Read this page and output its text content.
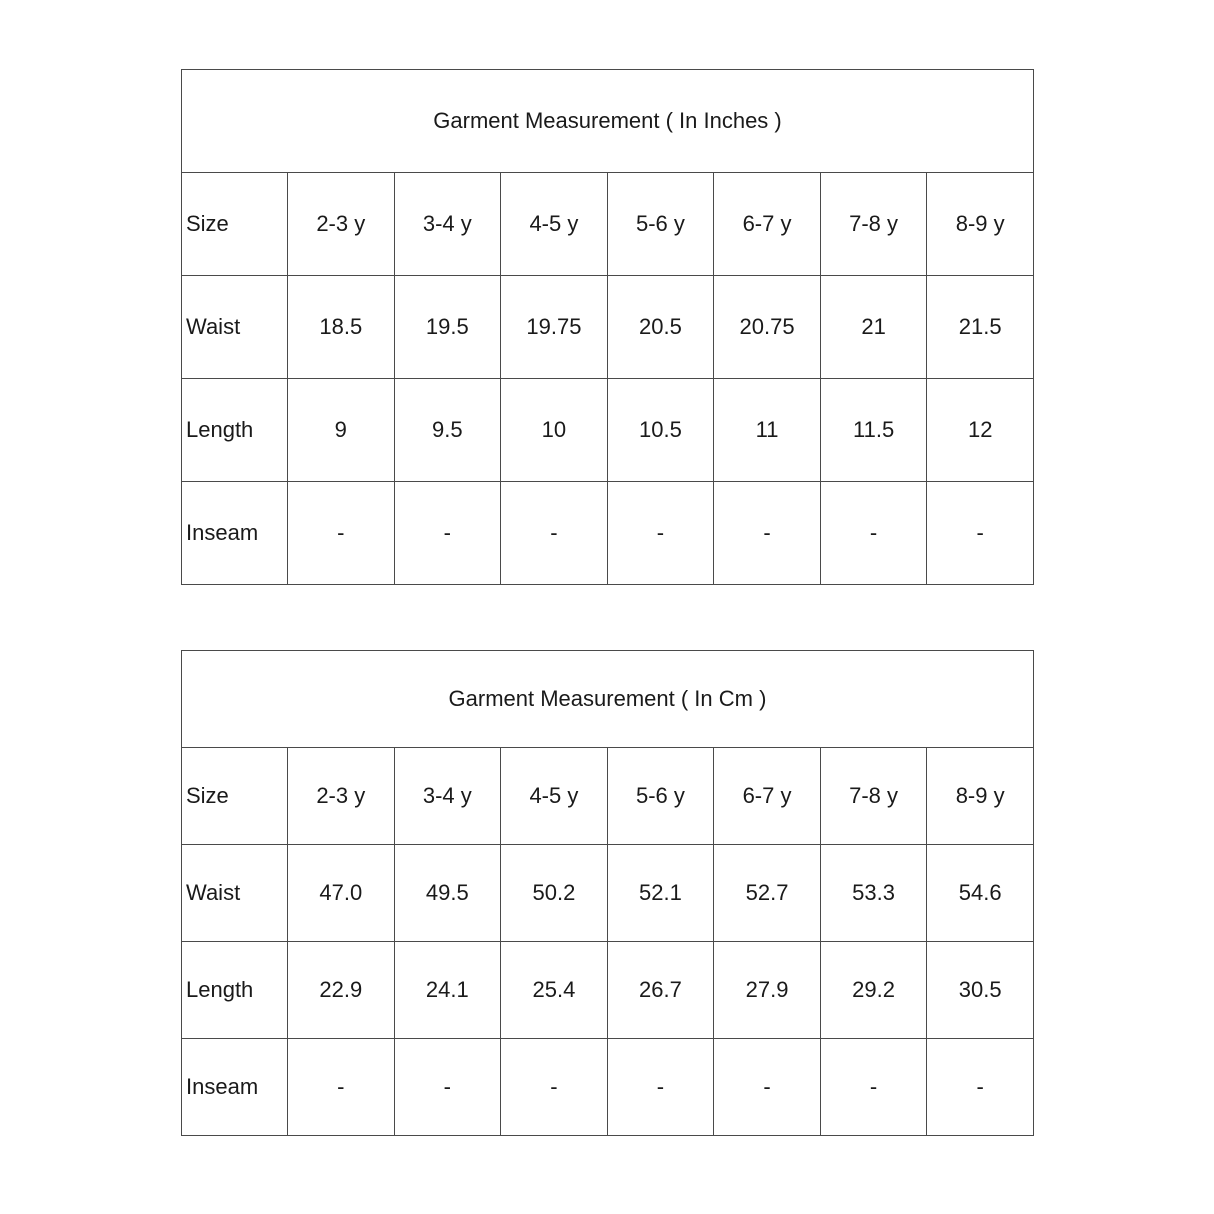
Garment Measurement ( In Inches )							
Size	2-3 y	3-4 y	4-5 y	5-6 y	6-7 y	7-8 y	8-9 y
Waist	18.5	19.5	19.75	20.5	20.75	21	21.5
Length	9	9.5	10	10.5	11	11.5	12
Inseam	-	-	-	-	-	-	-
Garment Measurement ( In Cm )							
Size	2-3 y	3-4 y	4-5 y	5-6 y	6-7 y	7-8 y	8-9 y
Waist	47.0	49.5	50.2	52.1	52.7	53.3	54.6
Length	22.9	24.1	25.4	26.7	27.9	29.2	30.5
Inseam	-	-	-	-	-	-	-
